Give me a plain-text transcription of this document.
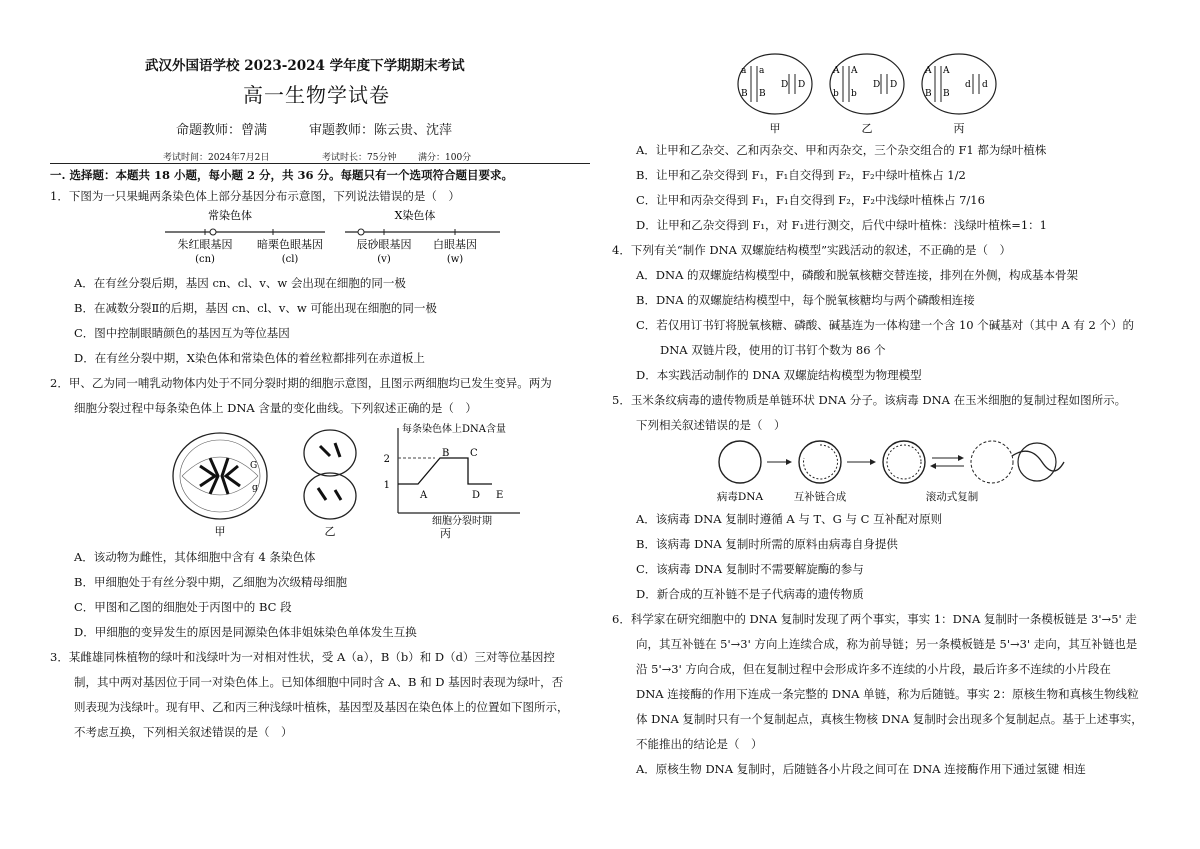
武汉外国语学校 2023-2024 学年度下学期期末考试
高一生物学试卷
命题教师：曾满	审题教师：陈云贵、沈萍
考试时间：2024年7月2日	考试时长：75分钟 满分：100分
一. 选择题：本题共 18 小题，每小题 2 分，共 36 分。每题只有一个选项符合题目要求。
1．下图为一只果蝇两条染色体上部分基因分布示意图，下列说法错误的是（　）
常染色体	X染色体
朱红眼基因
(cn)
暗栗色眼基因
(cl)
辰砂眼基因
(v)
白眼基因
(w)
A．在有丝分裂后期，基因 cn、cl、v、w 会出现在细胞的同一极
B．在减数分裂Ⅱ的后期，基因 cn、cl、v、w 可能出现在细胞的同一极
C．图中控制眼睛颜色的基因互为等位基因
D．在有丝分裂中期，X染色体和常染色体的着丝粒都排列在赤道板上
2．甲、乙为同一哺乳动物体内处于不同分裂时期的细胞示意图，且图示两细胞均已发生变异。两为
细胞分裂过程中每条染色体上 DNA 含量的变化曲线。下列叙述正确的是（　）
G
g
甲	乙
每条染色体上DNA含量
2
1
A
B C
D E
细胞分裂时期
丙
A．该动物为雌性，其体细胞中含有 4 条染色体
B．甲细胞处于有丝分裂中期，乙细胞为次级精母细胞
C．甲图和乙图的细胞处于丙图中的 BC 段
D．甲细胞的变异发生的原因是同源染色体非姐妹染色单体发生互换
3．某雌雄同株植物的绿叶和浅绿叶为一对相对性状，受 A（a），B（b）和 D（d）三对等位基因控
制，其中两对基因位于同一对染色体上。已知体细胞中同时含 A、B 和 D 基因时表现为绿叶，否
则表现为浅绿叶。现有甲、乙和丙三种浅绿叶植株，基因型及基因在染色体上的位置如下图所示，
不考虑互换，下列相关叙述错误的是（　）
a a
B B
D D
A A
b b
D D
A A
B B
d d
甲	乙	丙
A．让甲和乙杂交、乙和丙杂交、甲和丙杂交，三个杂交组合的 F1 都为绿叶植株
B．让甲和乙杂交得到 F₁，F₁自交得到 F₂，F₂中绿叶植株占 1/2
C．让甲和丙杂交得到 F₁，F₁自交得到 F₂，F₂中浅绿叶植株占 7/16
D．让甲和乙杂交得到 F₁，对 F₁进行测交，后代中绿叶植株：浅绿叶植株=1：1
4．下列有关“制作 DNA 双螺旋结构模型”实践活动的叙述，不正确的是（　）
A．DNA 的双螺旋结构模型中，磷酸和脱氧核糖交替连接，排列在外侧，构成基本骨架
B．DNA 的双螺旋结构模型中，每个脱氧核糖均与两个磷酸相连接
C．若仅用订书钉将脱氧核糖、磷酸、碱基连为一体构建一个含 10 个碱基对（其中 A 有 2 个）的
DNA 双链片段，使用的订书钉个数为 86 个
D．本实践活动制作的 DNA 双螺旋结构模型为物理模型
5．玉米条纹病毒的遗传物质是单链环状 DNA 分子。该病毒 DNA 在玉米细胞的复制过程如图所示。
下列相关叙述错误的是（　）
病毒DNA	互补链合成	滚动式复制
A．该病毒 DNA 复制时遵循 A 与 T、G 与 C 互补配对原则
B．该病毒 DNA 复制时所需的原料由病毒自身提供
C．该病毒 DNA 复制时不需要解旋酶的参与
D．新合成的互补链不是子代病毒的遗传物质
6．科学家在研究细胞中的 DNA 复制时发现了两个事实，事实 1：DNA 复制时一条模板链是 3'→5' 走
向，其互补链在 5'→3' 方向上连续合成，称为前导链；另一条模板链是 5'→3' 走向，其互补链也是
沿 5'→3' 方向合成，但在复制过程中会形成许多不连续的小片段，最后许多不连续的小片段在
DNA 连接酶的作用下连成一条完整的 DNA 单链，称为后随链。事实 2：原核生物和真核生物线粒
体 DNA 复制时只有一个复制起点，真核生物核 DNA 复制时会出现多个复制起点。基于上述事实，
不能推出的结论是（　）
A．原核生物 DNA 复制时，后随链各小片段之间可在 DNA 连接酶作用下通过氢键 相连
